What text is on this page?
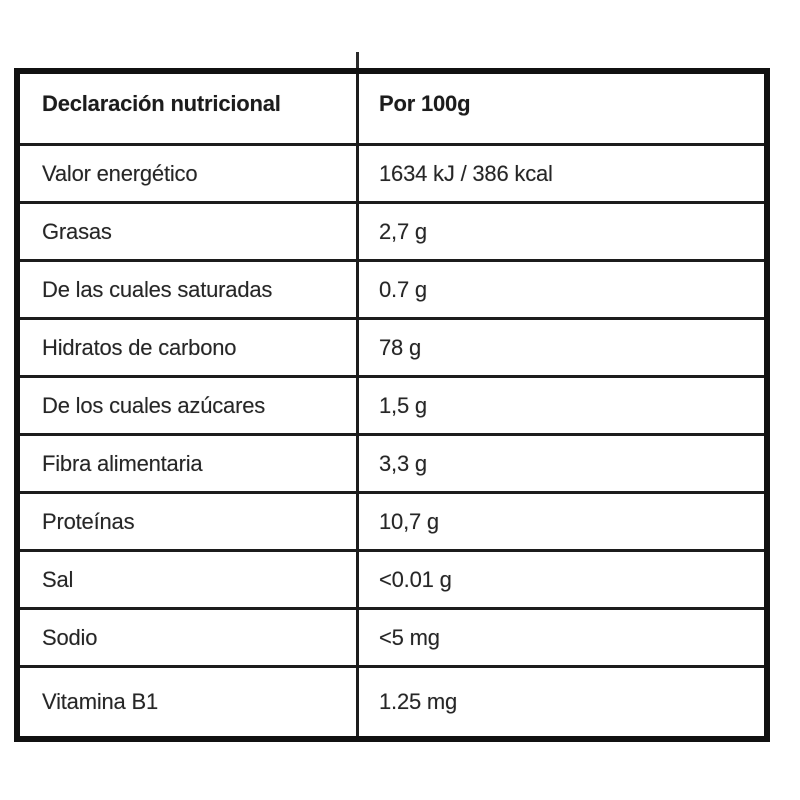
Declaración nutricional	Por 100g
Valor energético	1634 kJ / 386 kcal
Grasas	2,7 g
De las cuales saturadas	0.7 g
Hidratos de carbono	78 g
De los cuales azúcares	1,5 g
Fibra alimentaria	3,3 g
Proteínas	10,7 g
Sal	<0.01 g
Sodio	<5 mg
Vitamina B1	1.25 mg
